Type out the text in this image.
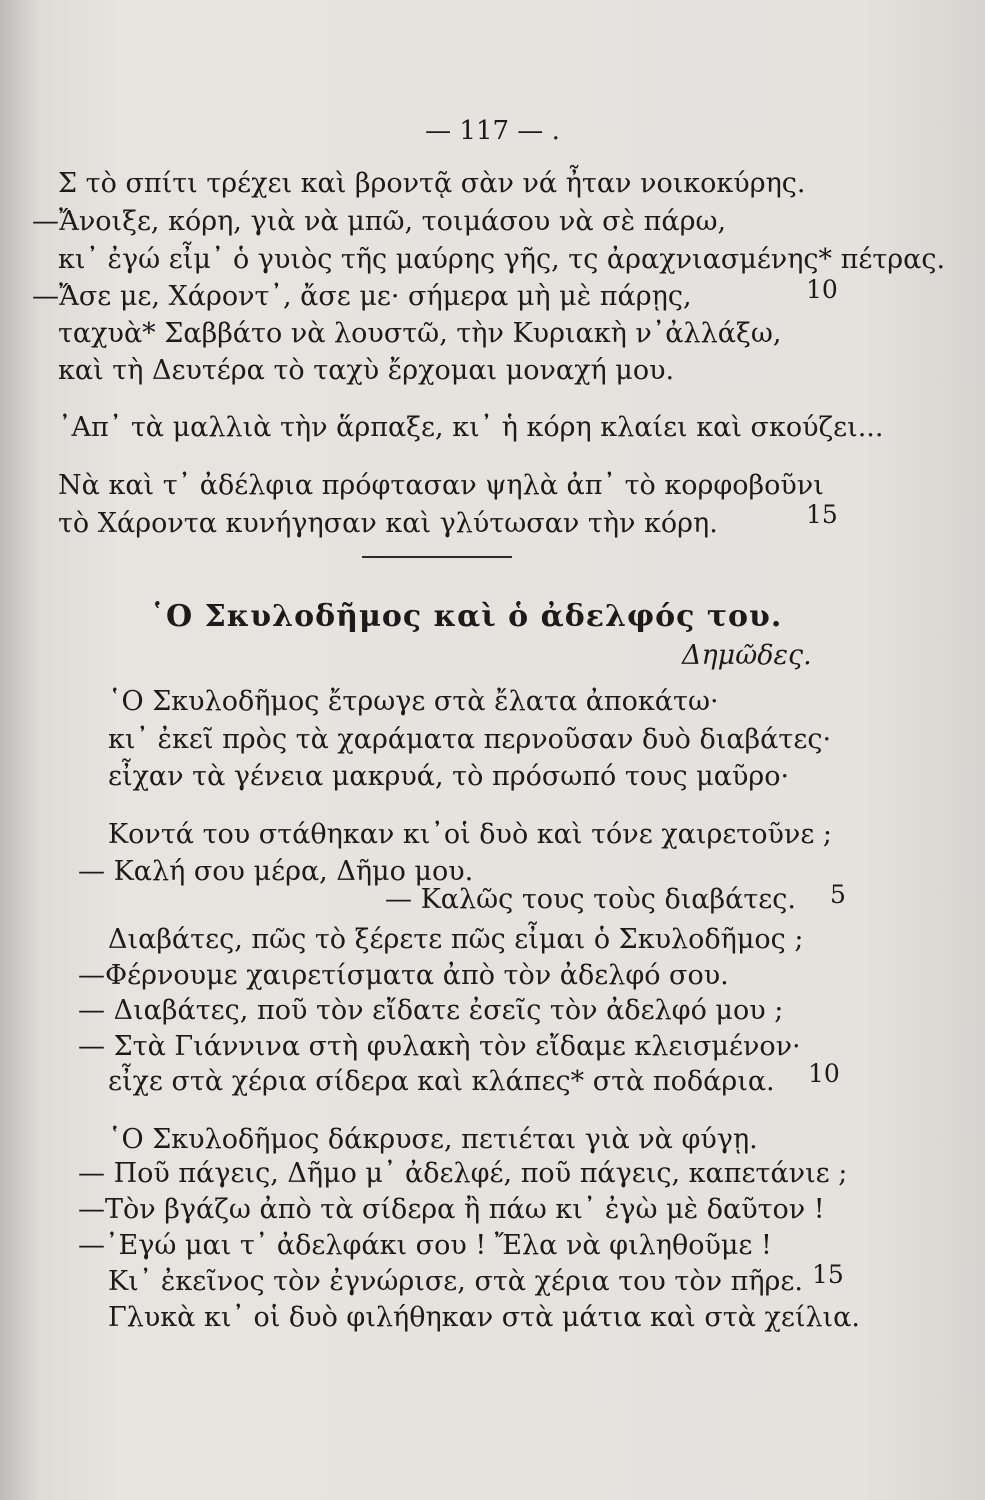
— 117 — .
Σ τὸ σπίτι τρέχει καὶ βροντᾷ σὰν νά ἦταν νοικοκύρης.
—Ἄνοιξε, κόρη, γιὰ νὰ μπῶ, τοιμάσου νὰ σὲ πάρω,
κι᾽ ἐγώ εἶμ᾽ ὁ γυιὸς τῆς μαύρης γῆς, τς ἀραχνιασμένης* πέτρας.
—Ἄσε με, Χάροντ᾽, ἄσε με· σήμερα μὴ μὲ πάρῃς,	10
ταχυὰ* Σαββάτο νὰ λουστῶ, τὴν Κυριακὴ ν᾽ἀλλάξω,
καὶ τὴ Δευτέρα τὸ ταχὺ ἔρχομαι μοναχή μου.
᾽Απ᾽ τὰ μαλλιὰ τὴν ἅρπαξε, κι᾽ ἡ κόρη κλαίει καὶ σκούζει...
Νὰ καὶ τ᾽ ἀδέλφια πρόφτασαν ψηλὰ ἀπ᾽ τὸ κορφοβοῦνι
τὸ Χάροντα κυνήγησαν καὶ γλύτωσαν τὴν κόρη.	15
῾Ο Σκυλοδῆμος καὶ ὁ ἀδελφός του.
Δημῶδες.
῾Ο Σκυλοδῆμος ἔτρωγε στὰ ἔλατα ἀποκάτω·
κι᾽ ἐκεῖ πρὸς τὰ χαράματα περνοῦσαν δυὸ διαβάτες·
εἶχαν τὰ γένεια μακρυά, τὸ πρόσωπό τους μαῦρο·
Κοντά του στάθηκαν κι᾽οἱ δυὸ καὶ τόνε χαιρετοῦνε ;
— Καλή σου μέρα, Δῆμο μου.
— Καλῶς τους τοὺς διαβάτες. 5
Διαβάτες, πῶς τὸ ξέρετε πῶς εἶμαι ὁ Σκυλοδῆμος ;
—Φέρνουμε χαιρετίσματα ἀπὸ τὸν ἀδελφό σου.
— Διαβάτες, ποῦ τὸν εἴδατε ἐσεῖς τὸν ἀδελφό μου ;
— Στὰ Γιάννινα στὴ φυλακὴ τὸν εἴδαμε κλεισμένον·
εἶχε στὰ χέρια σίδερα καὶ κλάπες* στὰ ποδάρια. 10
῾Ο Σκυλοδῆμος δάκρυσε, πετιέται γιὰ νὰ φύγῃ.
— Ποῦ πάγεις, Δῆμο μ᾽ ἀδελφέ, ποῦ πάγεις, καπετάνιε ;
—Τὸν βγάζω ἀπὸ τὰ σίδερα ἢ πάω κι᾽ ἐγὼ μὲ δαῦτον !
—᾽Εγώ μαι τ᾽ ἀδελφάκι σου ! Ἔλα νὰ φιληθοῦμε !
Κι᾽ ἐκεῖνος τὸν ἐγνώρισε, στὰ χέρια του τὸν πῆρε. 15
Γλυκὰ κι᾽ οἱ δυὸ φιλήθηκαν στὰ μάτια καὶ στὰ χείλια.
